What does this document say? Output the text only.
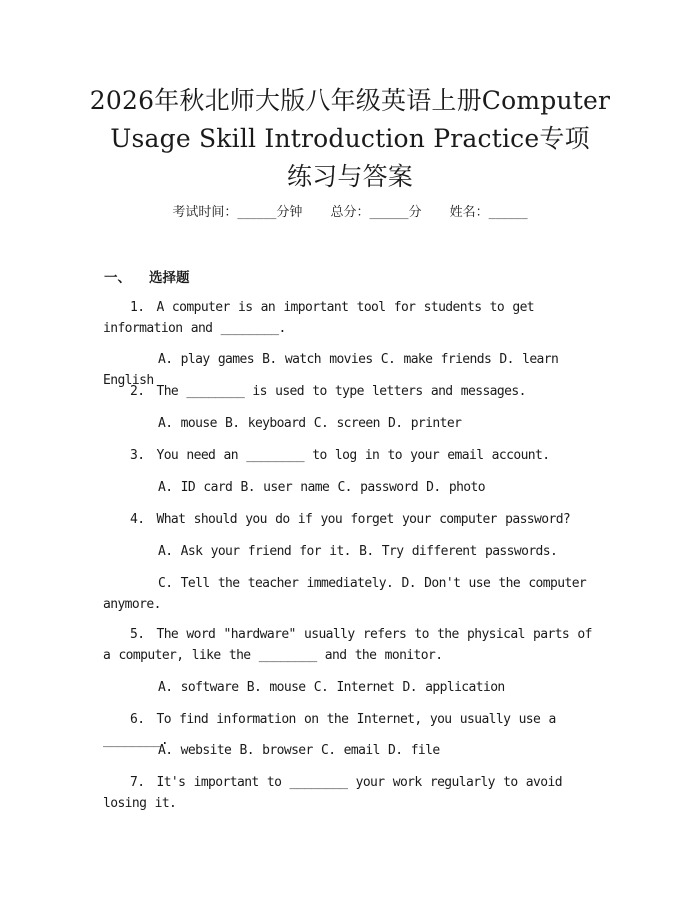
2026年秋北师大版八年级英语上册Computer
Usage Skill Introduction Practice专项
练习与答案
考试时间：______分钟 总分：______分 姓名：______
一、 选择题
1. A computer is an important tool for students to get information and ________.
A. play games B. watch movies C. make friends D. learn English
2. The ________ is used to type letters and messages.
A. mouse B. keyboard C. screen D. printer
3. You need an ________ to log in to your email account.
A. ID card B. user name C. password D. photo
4. What should you do if you forget your computer password?
A. Ask your friend for it. B. Try different passwords.
C. Tell the teacher immediately. D. Don't use the computer anymore.
5. The word "hardware" usually refers to the physical parts of a computer, like the ________ and the monitor.
A. software B. mouse C. Internet D. application
6. To find information on the Internet, you usually use a ________.
A. website B. browser C. email D. file
7. It's important to ________ your work regularly to avoid losing it.
